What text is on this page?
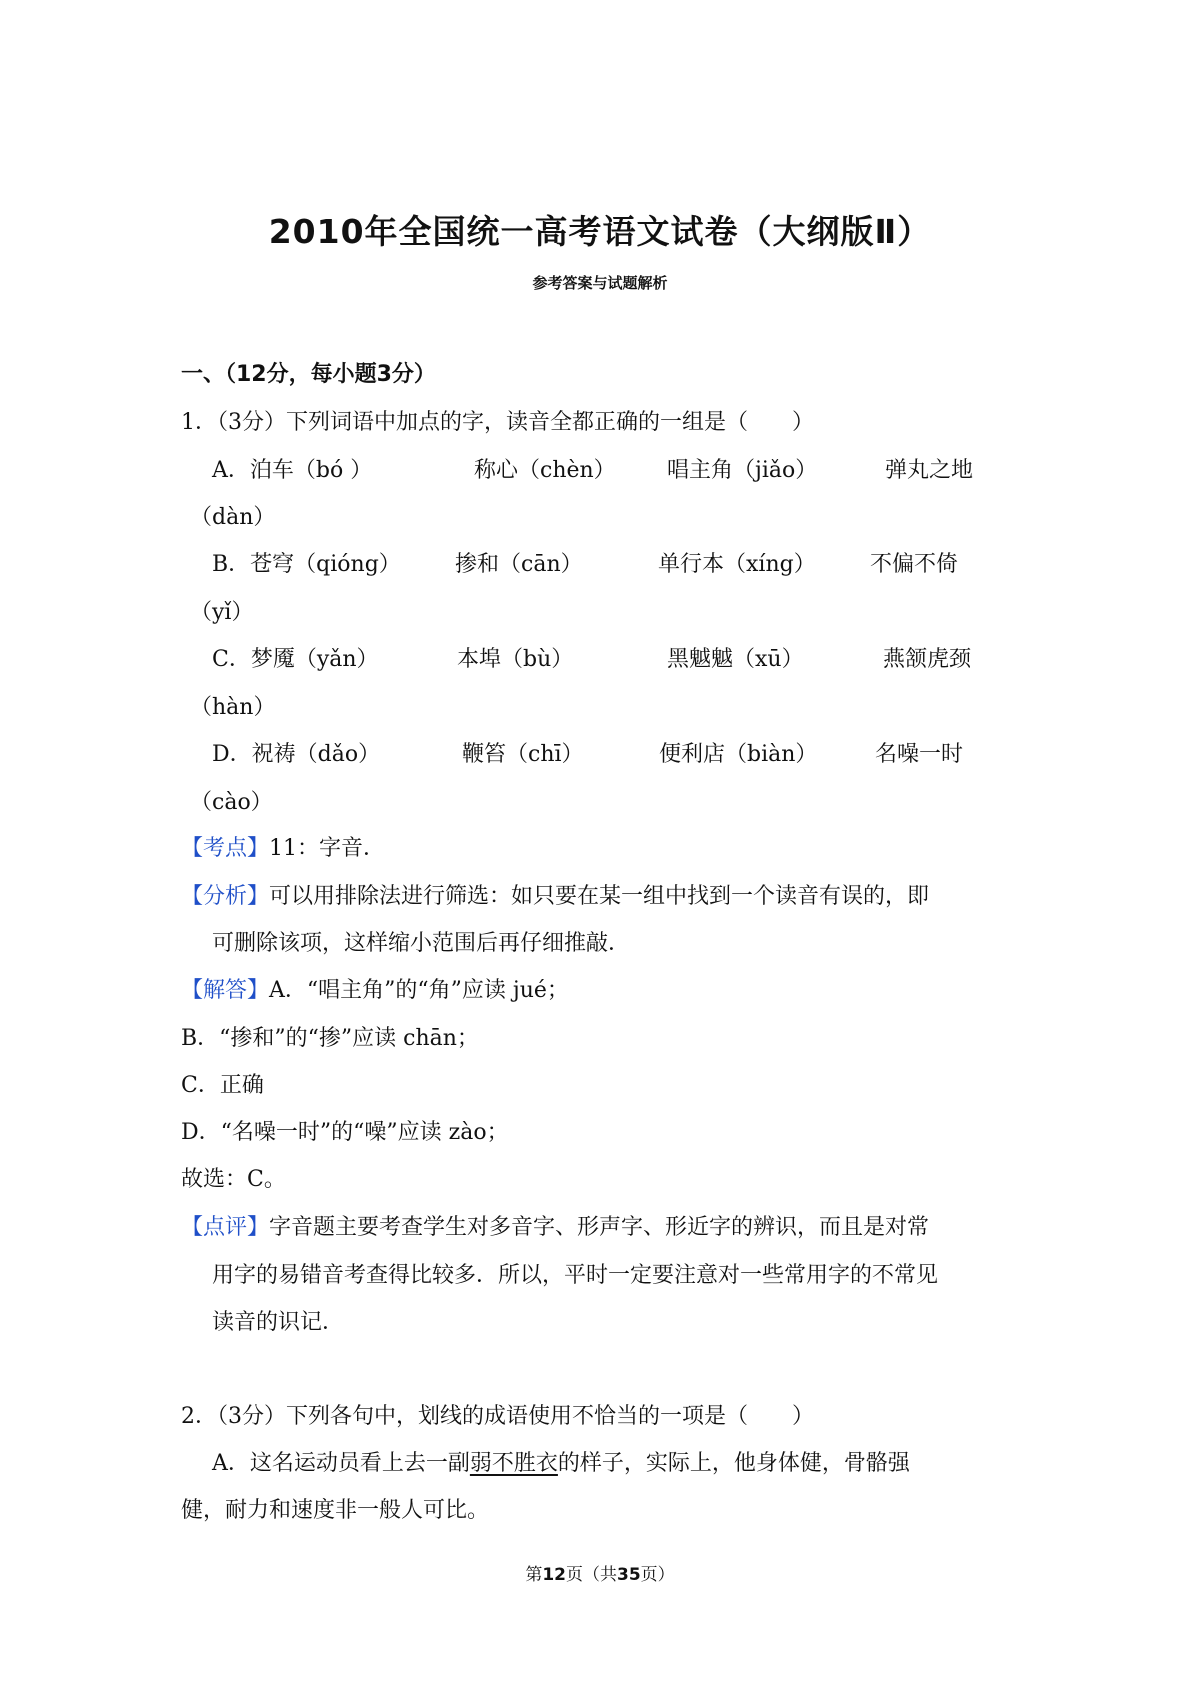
2010年全国统一高考语文试卷（大纲版Ⅱ）
参考答案与试题解析
一、（12分，每小题3分）
1．（3分）下列词语中加点的字，读音全都正确的一组是（　　）
A．泊车（bó ）	称心（chèn） 唱主角（jiǎo）	弹丸之地
（dàn）
B．苍穹（qióng） 掺和（cān）	单行本（xíng） 不偏不倚
（yǐ）
C．梦魇（yǎn）	本埠（bù）	黑魆魆（xū）	燕颔虎颈
（hàn）
D．祝祷（dǎo）	鞭笞（chī）	便利店（biàn）	名噪一时
（cào）
【考点】11：字音．
【分析】可以用排除法进行筛选：如只要在某一组中找到一个读音有误的，即
可删除该项，这样缩小范围后再仔细推敲．
【解答】A．“唱主角”的“角”应读 jué；
B．“掺和”的“掺”应读 chān；
C．正确
D．“名噪一时”的“噪”应读 zào；
故选：C。
【点评】字音题主要考查学生对多音字、形声字、形近字的辨识，而且是对常
用字的易错音考查得比较多．所以，平时一定要注意对一些常用字的不常见
读音的识记．
2．（3分）下列各句中，划线的成语使用不恰当的一项是（　　）
A．这名运动员看上去一副弱不胜衣的样子，实际上，他身体健，骨骼强
健，耐力和速度非一般人可比。
第12页（共35页）
